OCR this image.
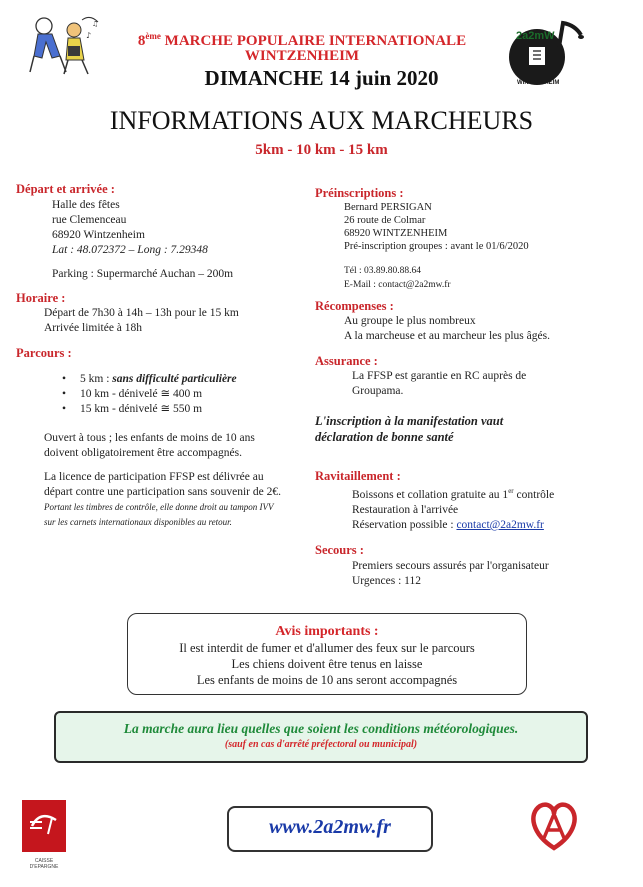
♪
♫
8ème MARCHE POPULAIRE INTERNATIONALE
WINTZENHEIM
DIMANCHE 14 juin 2020
INFORMATIONS AUX MARCHEURS
5km - 10 km - 15 km
2a2mW
WINTZENHEIM
Départ et arrivée :
Halle des fêtes
rue Clemenceau
68920 Wintzenheim
Lat : 48.072372 – Long : 7.29348
Parking : Supermarché Auchan – 200m
Horaire :
Départ de 7h30 à 14h – 13h pour le 15 km
Arrivée limitée à 18h
Parcours :
• 5 km : sans difficulté particulière
• 10 km - dénivelé ≅ 400 m
• 15 km - dénivelé ≅ 550 m
Ouvert à tous ; les enfants de moins de 10 ans doivent obligatoirement être accompagnés.
La licence de participation FFSP est délivrée au départ contre une participation sans souvenir de 2€. Portant les timbres de contrôle, elle donne droit au tampon IVV sur les carnets internationaux disponibles au retour.
Préinscriptions :
Bernard PERSIGAN
26 route de Colmar
68920 WINTZENHEIM
Pré-inscription groupes : avant le 01/6/2020
Tél : 03.89.80.88.64
E-Mail : contact@2a2mw.fr
Récompenses :
Au groupe le plus nombreux
A la marcheuse et au marcheur les plus âgés.
Assurance :
La FFSP est garantie en RC auprès de Groupama.
L'inscription à la manifestation vaut déclaration de bonne santé
Ravitaillement :
Boissons et collation gratuite au 1er contrôle
Restauration à l'arrivée
Réservation possible : contact@2a2mw.fr
Secours :
Premiers secours assurés par l'organisateur
Urgences : 112
Avis importants :
Il est interdit de fumer et d'allumer des feux sur le parcours
Les chiens doivent être tenus en laisse
Les enfants de moins de 10 ans seront accompagnés
La marche aura lieu quelles que soient les conditions météorologiques.
(sauf en cas d'arrêté préfectoral ou municipal)
CAISSE D'EPARGNE
www.2a2mw.fr
